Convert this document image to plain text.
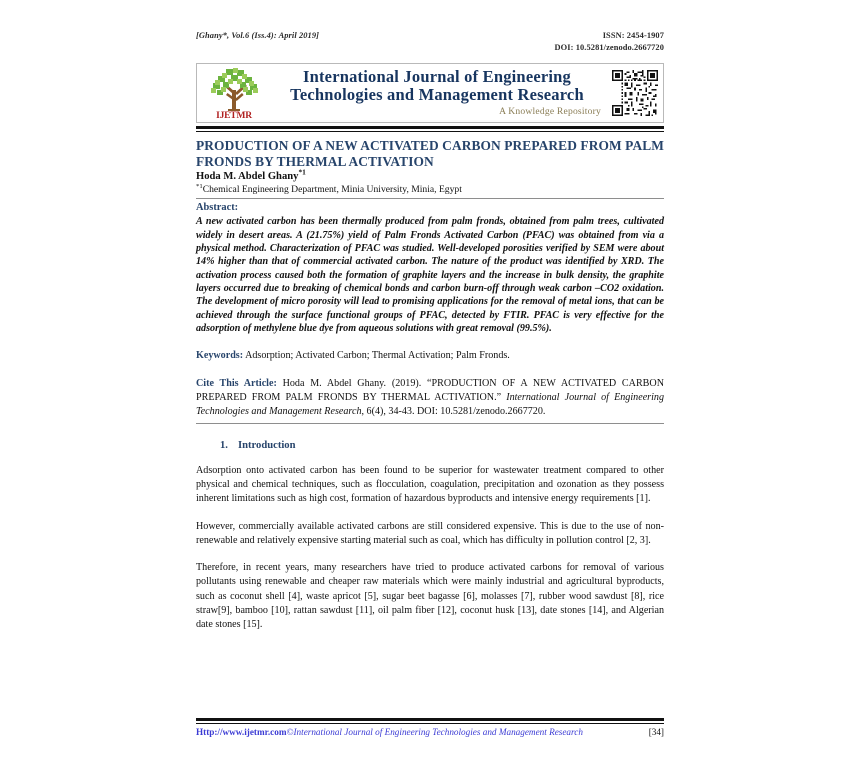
[Ghany*, Vol.6 (Iss.4): April 2019]	ISSN: 2454-1907
DOI: 10.5281/zenodo.2667720
IJETMR
International Journal of Engineering
Technologies and Management Research
A Knowledge Repository
PRODUCTION OF A NEW ACTIVATED CARBON PREPARED FROM PALM FRONDS BY THERMAL ACTIVATION
Hoda M. Abdel Ghany$^{*1}$
$^{*1}$Chemical Engineering Department, Minia University, Minia, Egypt
Abstract:
A new activated carbon has been thermally produced from palm fronds, obtained from palm trees, cultivated widely in desert areas. A (21.75%) yield of Palm Fronds Activated Carbon (PFAC) was obtained from via a physical method. Characterization of PFAC was studied. Well-developed porosities verified by SEM were about 14% higher than that of commercial activated carbon. The nature of the product was identified by XRD. The activation process caused both the formation of graphite layers and the increase in bulk density, the graphite layers occurred due to breaking of chemical bonds and carbon burn-off through weak carbon –CO2 oxidation. The development of micro porosity will lead to promising applications for the removal of metal ions, that can be achieved through the surface functional groups of PFAC, detected by FTIR. PFAC is very effective for the adsorption of methylene blue dye from aqueous solutions with great removal (99.5%).
Keywords: Adsorption; Activated Carbon; Thermal Activation; Palm Fronds.
Cite This Article: Hoda M. Abdel Ghany. (2019). “PRODUCTION OF A NEW ACTIVATED CARBON PREPARED FROM PALM FRONDS BY THERMAL ACTIVATION.” International Journal of Engineering Technologies and Management Research, 6(4), 34-43. DOI: 10.5281/zenodo.2667720.
1. Introduction
Adsorption onto activated carbon has been found to be superior for wastewater treatment compared to other physical and chemical techniques, such as flocculation, coagulation, precipitation and ozonation as they possess inherent limitations such as high cost, formation of hazardous byproducts and intensive energy requirements [1].
However, commercially available activated carbons are still considered expensive. This is due to the use of non-renewable and relatively expensive starting material such as coal, which has difficulty in pollution control [2, 3].
Therefore, in recent years, many researchers have tried to produce activated carbons for removal of various pollutants using renewable and cheaper raw materials which were mainly industrial and agricultural byproducts, such as coconut shell [4], waste apricot [5], sugar beet bagasse [6], molasses [7], rubber wood sawdust [8], rice straw[9], bamboo [10], rattan sawdust [11], oil palm fiber [12], coconut husk [13], date stones [14], and Algerian date stones [15].
Http://www.ijetmr.com©International Journal of Engineering Technologies and Management Research	[34]
